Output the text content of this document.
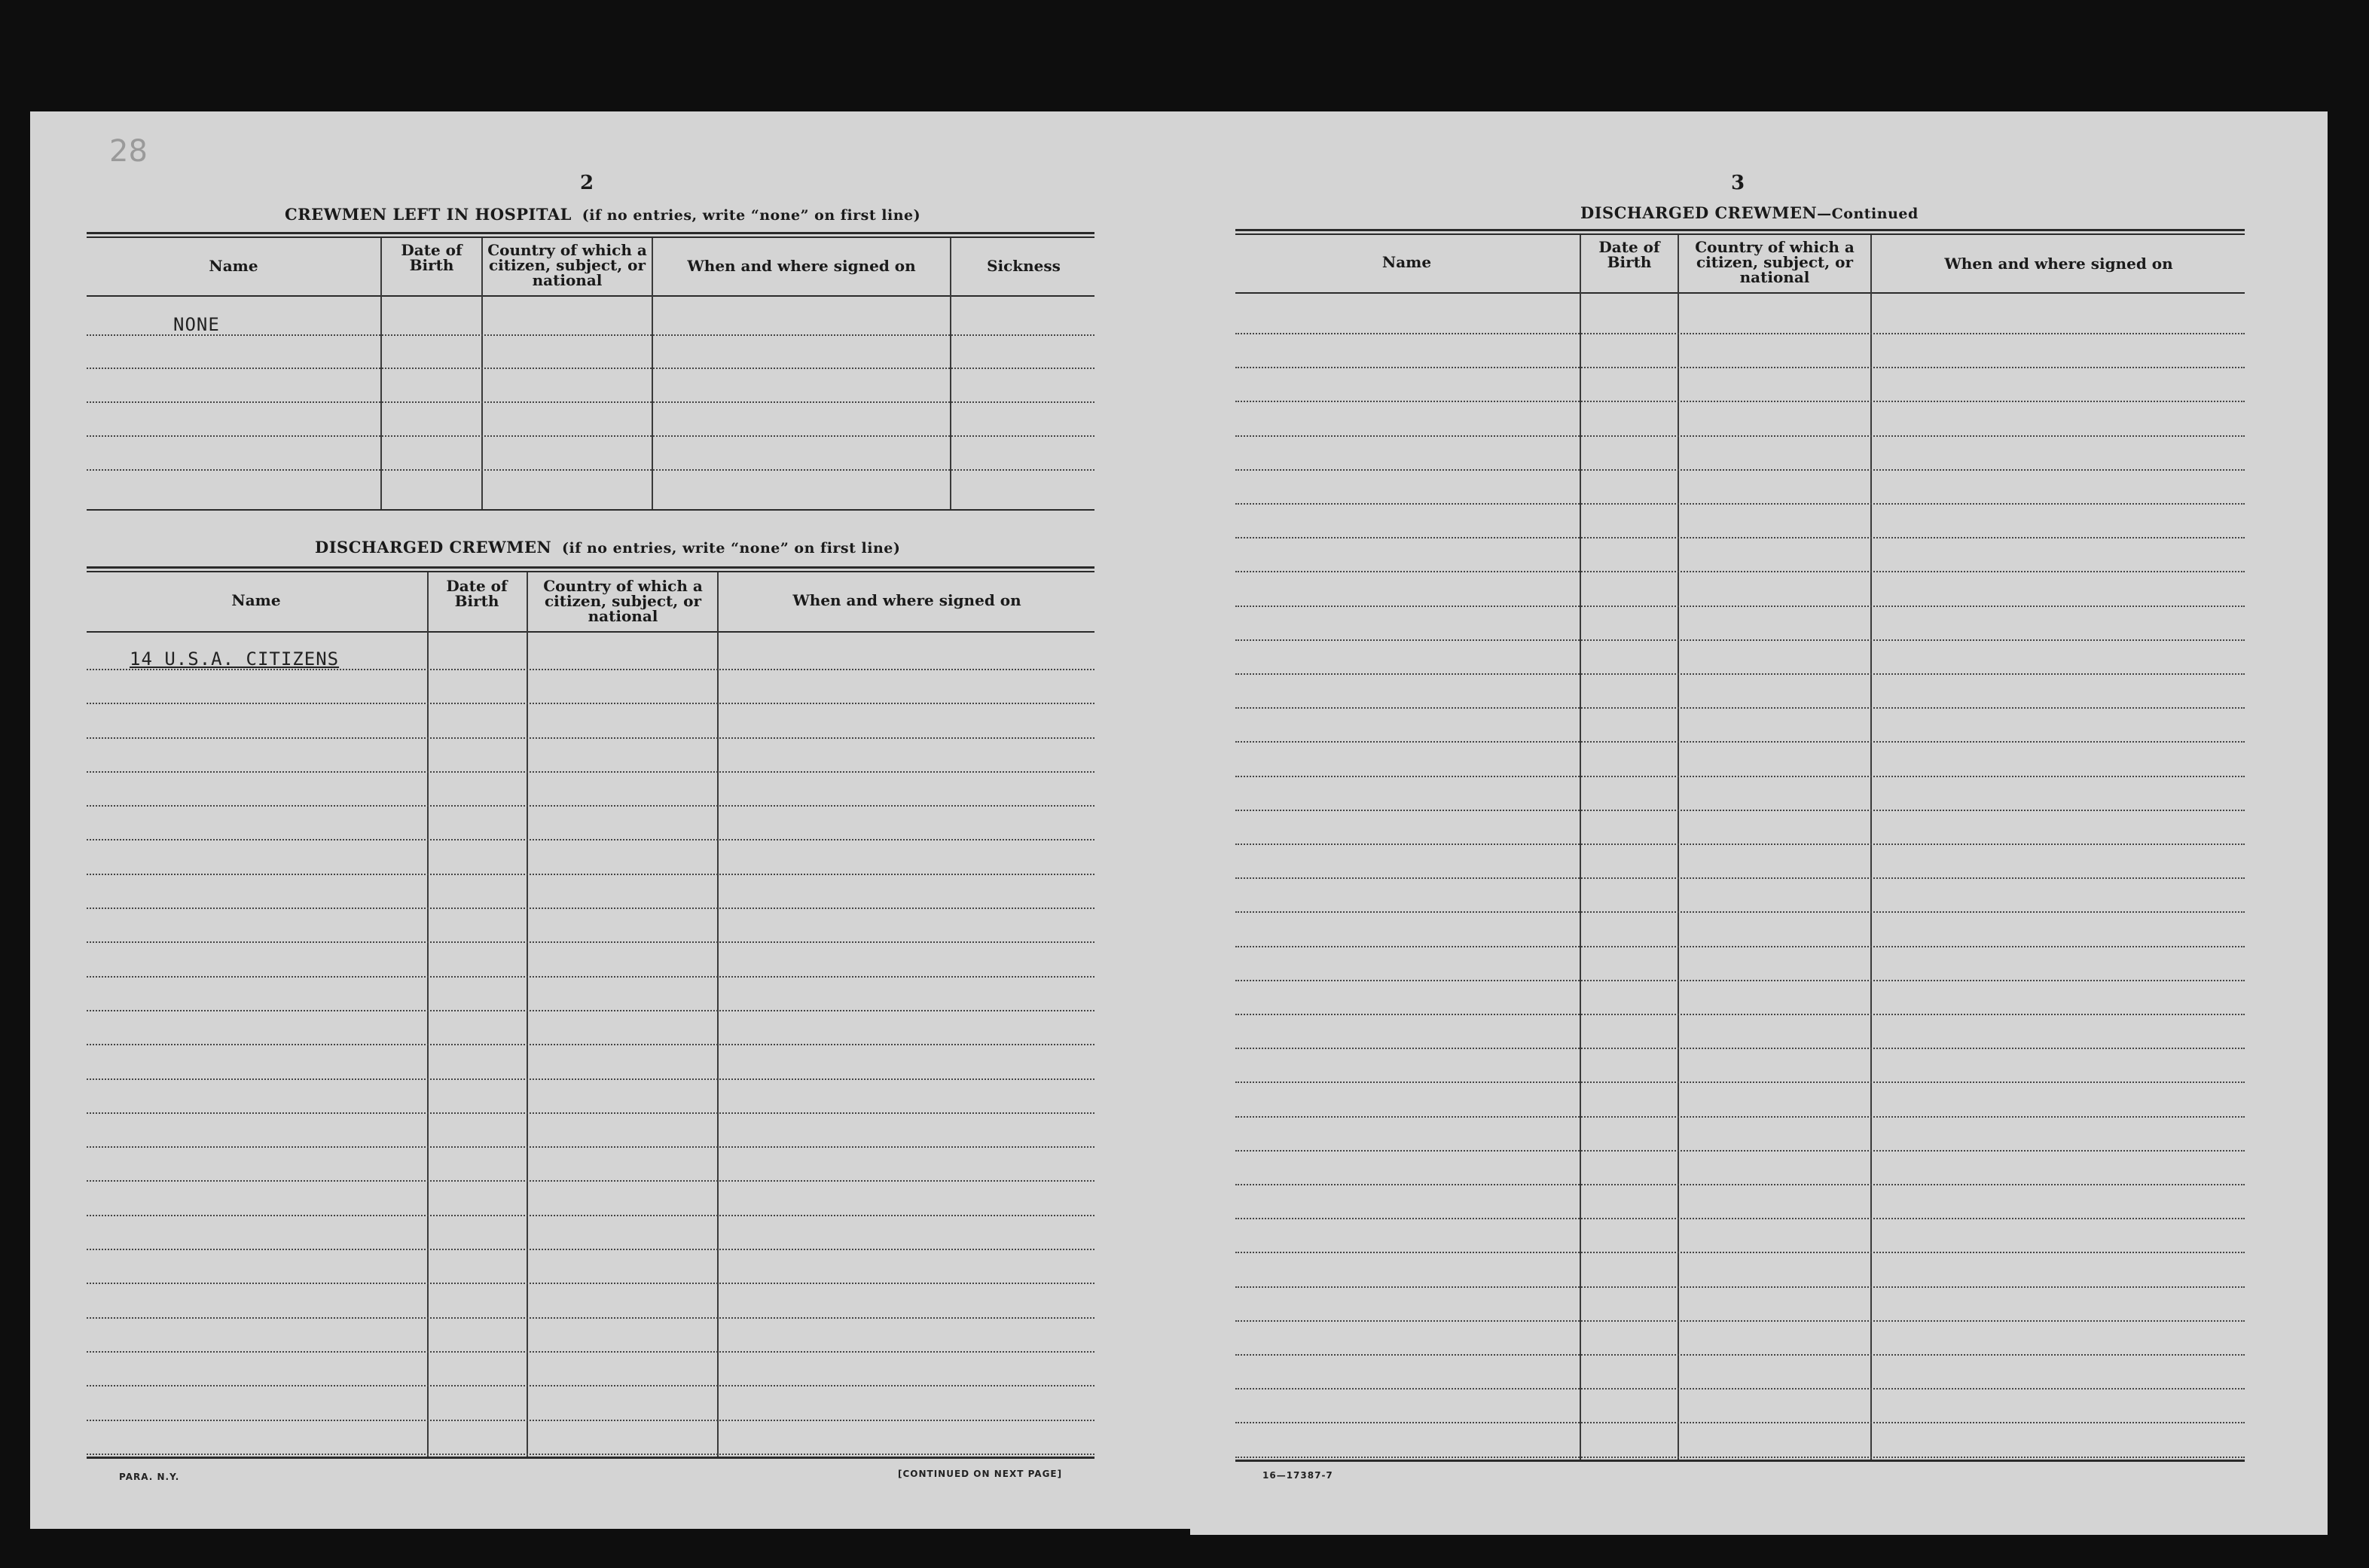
28
2
CREWMEN LEFT IN HOSPITAL (if no entries, write “none” on first line)
Name
Date of Birth
Country of which a citizen, subject, or national
When and where signed on	Sickness
NONE
DISCHARGED CREWMEN (if no entries, write “none” on first line)
Name
Date of Birth
Country of which a citizen, subject, or national
When and where signed on
14 U.S.A. CITIZENS
PARA. N.Y.	[CONTINUED ON NEXT PAGE]
3
DISCHARGED CREWMEN—Continued
Name
Date of Birth
Country of which a citizen, subject, or national
When and where signed on
16—17387-7
